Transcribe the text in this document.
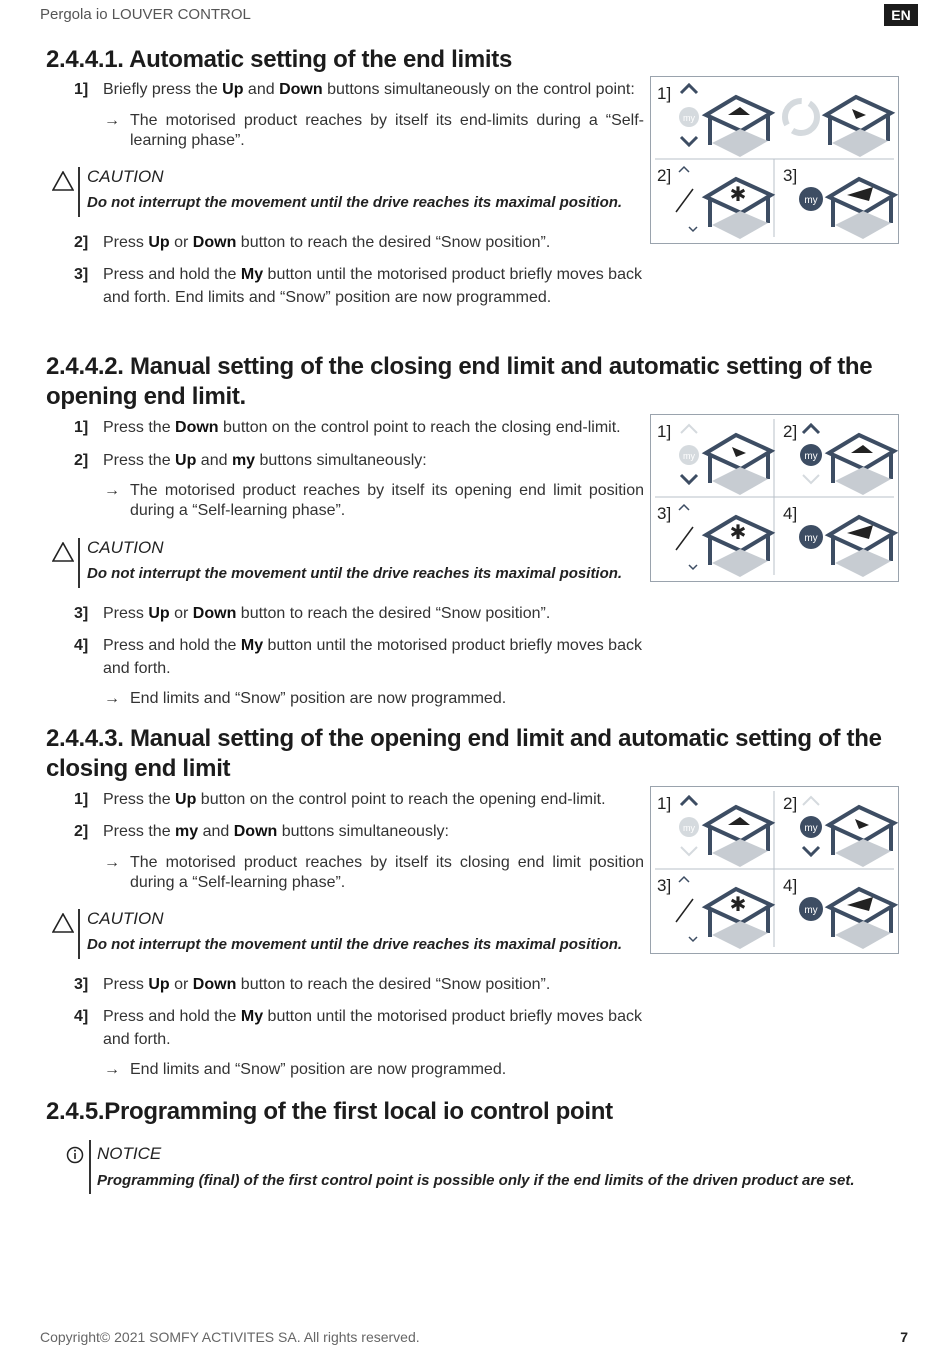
Pergola io LOUVER CONTROL	EN
2.4.4.1. Automatic setting of the end limits
1] Briefly press the Up and Down buttons simultaneously on the control point:
→ The motorised product reaches by itself its end-limits during a “Self-learning phase”.
CAUTION
Do not interrupt the movement until the drive reaches its maximal position.
2] Press Up or Down button to reach the desired “Snow position”.
3] Press and hold the My button until the motorised product briefly moves back and forth. End limits and “Snow” position are now programmed.
1]
2]	3]
my
✱	my
2.4.4.2. Manual setting of the closing end limit and automatic setting of the opening end limit.
1] Press the Down button on the control point to reach the closing end-limit.
2] Press the Up and my buttons simultaneously:
→ The motorised product reaches by itself its opening end limit position during a “Self-learning phase”.
CAUTION
Do not interrupt the movement until the drive reaches its maximal position.
3] Press Up or Down button to reach the desired “Snow position”.
4] Press and hold the My button until the motorised product briefly moves back and forth.
→ End limits and “Snow” position are now programmed.
1]	2]
3]	4]
my	my
✱	my
2.4.4.3. Manual setting of the opening end limit and automatic setting of the closing end limit
1] Press the Up button on the control point to reach the opening end-limit.
2] Press the my and Down buttons simultaneously:
→ The motorised product reaches by itself its closing end limit position during a “Self-learning phase”.
CAUTION
Do not interrupt the movement until the drive reaches its maximal position.
3] Press Up or Down button to reach the desired “Snow position”.
4] Press and hold the My button until the motorised product briefly moves back and forth.
→ End limits and “Snow” position are now programmed.
1]	2]
3]	4]
my	my
✱	my
2.4.5.Programming of the first local io control point
NOTICE
Programming (final) of the first control point is possible only if the end limits of the driven product are set.
Copyright© 2021 SOMFY ACTIVITES SA. All rights reserved.	7
